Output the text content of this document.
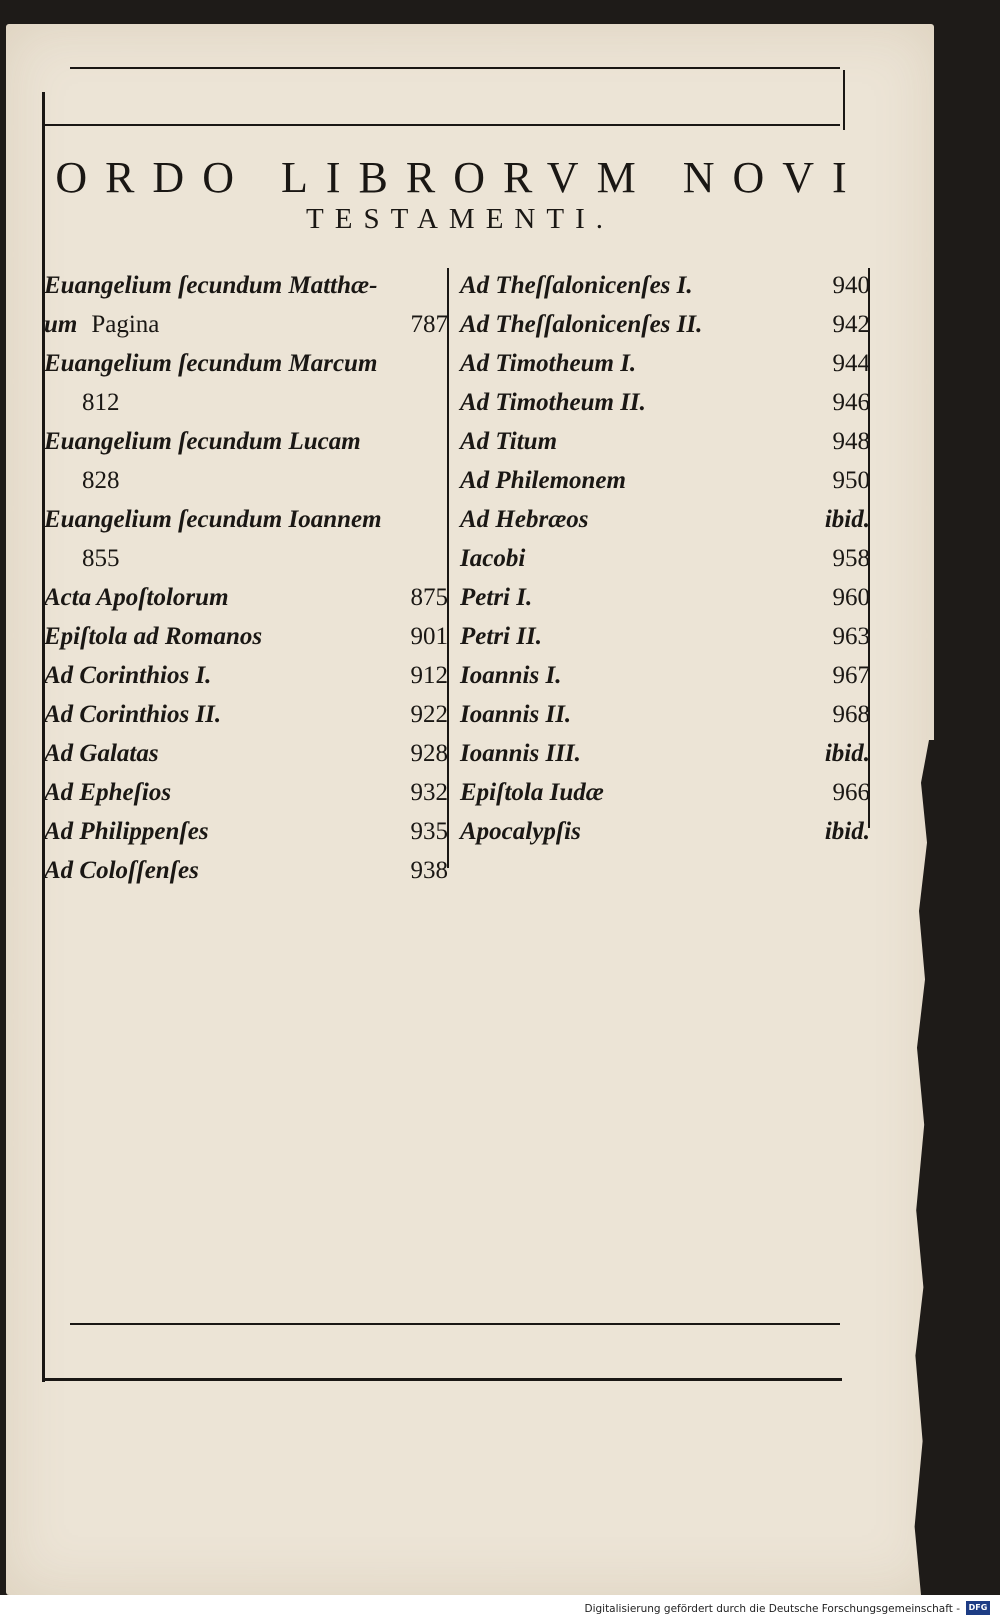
ORDO LIBRORVM NOVI
TESTAMENTI.
Euangelium ſecundum Matthæ-
um Pagina	787
Euangelium ſecundum Marcum
812
Euangelium ſecundum Lucam
828
Euangelium ſecundum Ioannem
855
Acta Apoſtolorum	875
Epiſtola ad Romanos	901
Ad Corinthios I.	912
Ad Corinthios II.	922
Ad Galatas	928
Ad Epheſios	932
Ad Philippenſes	935
Ad Coloſſenſes	938
Ad Theſſalonicenſes I.	940
Ad Theſſalonicenſes II.	942
Ad Timotheum I.	944
Ad Timotheum II.	946
Ad Titum	948
Ad Philemonem	950
Ad Hebræos	ibid.
Iacobi	958
Petri I.	960
Petri II.	963
Ioannis I.	967
Ioannis II.	968
Ioannis III.	ibid.
Epiſtola Iudæ	966
Apocalypſis	ibid.
Digitalisierung gefördert durch die Deutsche Forschungsgemeinschaft -	DFG
